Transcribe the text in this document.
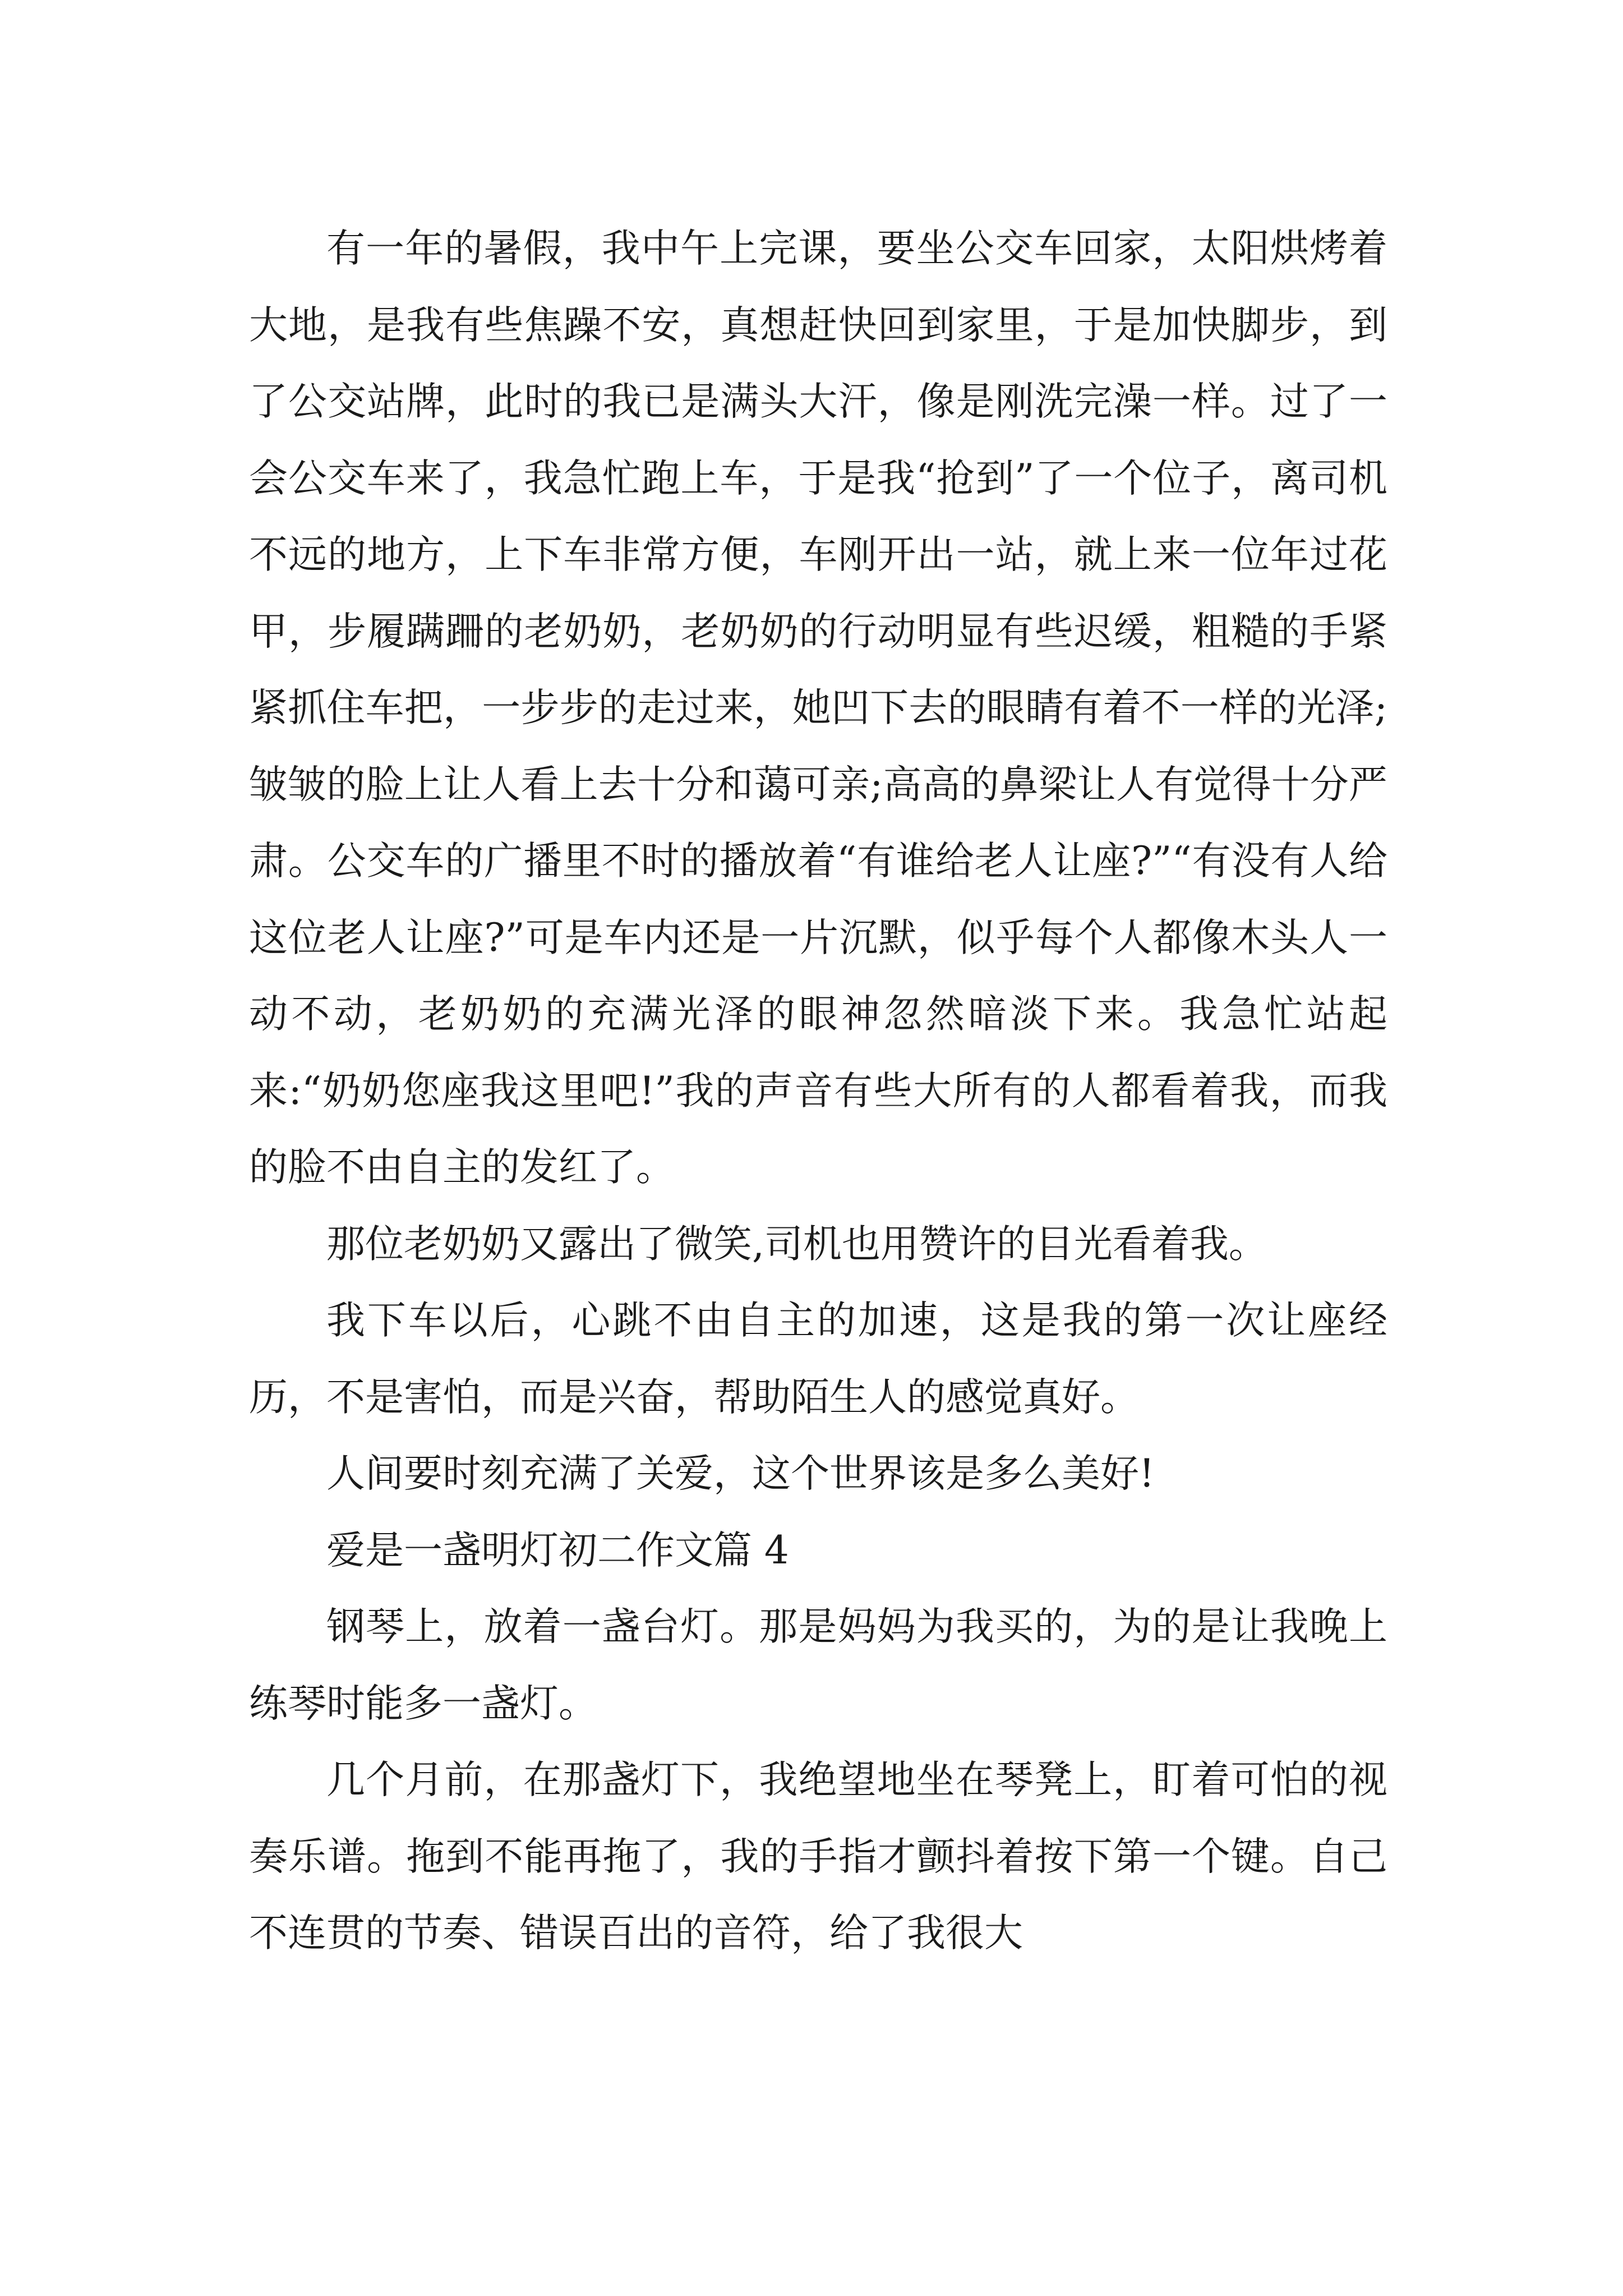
有一年的暑假，我中午上完课，要坐公交车回家，太阳烘烤着大地，是我有些焦躁不安，真想赶快回到家里，于是加快脚步，到了公交站牌，此时的我已是满头大汗，像是刚洗完澡一样。过了一会公交车来了，我急忙跑上车，于是我“抢到”了一个位子，离司机不远的地方，上下车非常方便，车刚开出一站，就上来一位年过花甲，步履蹒跚的老奶奶，老奶奶的行动明显有些迟缓，粗糙的手紧紧抓住车把，一步步的走过来，她凹下去的眼睛有着不一样的光泽;皱皱的脸上让人看上去十分和蔼可亲;高高的鼻梁让人有觉得十分严肃。公交车的广播里不时的播放着“有谁给老人让座?”“有没有人给这位老人让座?”可是车内还是一片沉默，似乎每个人都像木头人一动不动，老奶奶的充满光泽的眼神忽然暗淡下来。我急忙站起来:“奶奶您座我这里吧!”我的声音有些大所有的人都看着我，而我的脸不由自主的发红了。

那位老奶奶又露出了微笑,司机也用赞许的目光看着我。

我下车以后，心跳不由自主的加速，这是我的第一次让座经历，不是害怕，而是兴奋，帮助陌生人的感觉真好。

人间要时刻充满了关爱，这个世界该是多么美好!

爱是一盏明灯初二作文篇 4

钢琴上，放着一盏台灯。那是妈妈为我买的，为的是让我晚上练琴时能多一盏灯。

几个月前，在那盏灯下，我绝望地坐在琴凳上，盯着可怕的视奏乐谱。拖到不能再拖了，我的手指才颤抖着按下第一个键。自己不连贯的节奏、错误百出的音符，给了我很大
